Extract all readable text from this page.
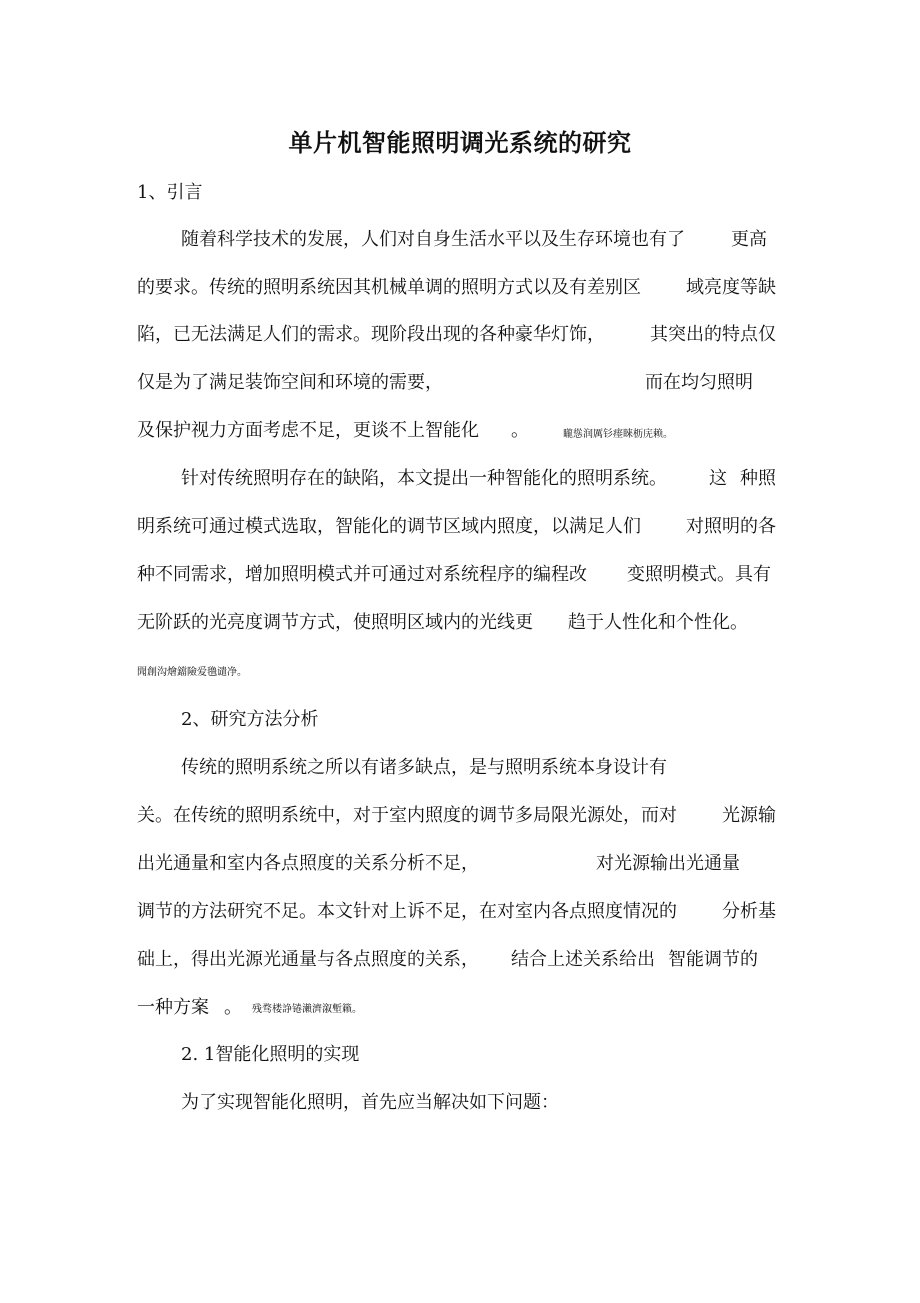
单片机智能照明调光系统的研究
1、引言
随着科学技术的发展，人们对自身生活水平以及生存环境也有了	更高
的要求。传统的照明系统因其机械单调的照明方式以及有差别区	域亮度等缺
陷，已无法满足人们的需求。现阶段出现的各种豪华灯饰，	其突出的特点仅
仅是为了满足装饰空间和环境的需要，	而在均匀照明
及保护视力方面考虑不足，更谈不上智能化 。	矓慫润厲钐瘗睞枥庑赖。
针对传统照明存在的缺陷，本文提出一种智能化的照明系统。 这 种照
明系统可通过模式选取，智能化的调节区域内照度，以满足人们	对照明的各
种不同需求，增加照明模式并可通过对系统程序的编程改 变照明模式。具有
无阶跃的光亮度调节方式，使照明区域内的光线更 趋于人性化和个性化。
聞創沟燴鐺險爱氇谴净。
2、研究方法分析
传统的照明系统之所以有诸多缺点，是与照明系统本身设计有
关。在传统的照明系统中，对于室内照度的调节多局限光源处，而对	光源输
出光通量和室内各点照度的关系分析不足，	对光源输出光通量
调节的方法研究不足。本文针对上诉不足，在对室内各点照度情况的	分析基
础上，得出光源光通量与各点照度的关系， 结合上述关系给出 智能调节的
一种方案 。 残骛楼諍锩瀨濟溆塹籟。
2. 1智能化照明的实现
为了实现智能化照明，首先应当解决如下问题：
